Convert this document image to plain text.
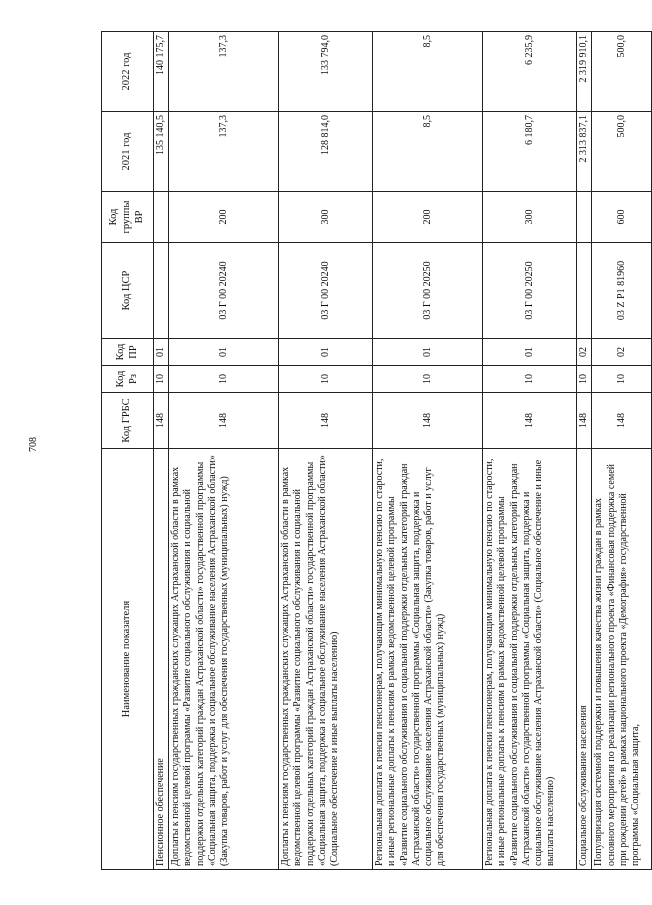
708
Наименование показателя	Код ГРБС	Код Рз	Код ПР	Код ЦСР	Код группы ВР	2021 год	2022 год
Пенсионное обеспечение	148	10	01			135 140,5	140 175,7
Доплаты к пенсиям государственных гражданских служащих Астраханской области в рамках ведомственной целевой программы «Развитие социального обслуживания и социальной поддержки отдельных категорий граждан Астраханской области» государственной программы «Социальная защита, поддержка и социальное обслуживание населения Астраханской области» (Закупка товаров, работ и услуг для обеспечения государственных (муниципальных) нужд)	148	10	01	03 Г 00 20240	200	137,3	137,3
Доплаты к пенсиям государственных гражданских служащих Астраханской области в рамках ведомственной целевой программы «Развитие социального обслуживания и социальной поддержки отдельных категорий граждан Астраханской области» государственной программы «Социальная защита, поддержка и социальное обслуживание населения Астраханской области» (Социальное обеспечение и иные выплаты населению)	148	10	01	03 Г 00 20240	300	128 814,0	133 794,0
Региональная доплата к пенсии пенсионерам, получающим минимальную пенсию по старости, и иные региональные доплаты к пенсиям в рамках ведомственной целевой программы «Развитие социального обслуживания и социальной поддержки отдельных категорий граждан Астраханской области» государственной программы «Социальная защита, поддержка и социальное обслуживание населения Астраханской области» (Закупка товаров, работ и услуг для обеспечения государственных (муниципальных) нужд)	148	10	01	03 Г 00 20250	200	8,5	8,5
Региональная доплата к пенсии пенсионерам, получающим минимальную пенсию по старости, и иные региональные доплаты к пенсиям в рамках ведомственной целевой программы «Развитие социального обслуживания и социальной поддержки отдельных категорий граждан Астраханской области» государственной программы «Социальная защита, поддержка и социальное обслуживание населения Астраханской области» (Социальное обеспечение и иные выплаты населению)	148	10	01	03 Г 00 20250	300	6 180,7	6 235,9
Социальное обслуживание населения	148	10	02			2 313 837,1	2 319 910,1
Популяризация системной поддержки и повышения качества жизни граждан в рамках основного мероприятия по реализации регионального проекта «Финансовая поддержка семей при рождении детей» в рамках национального проекта «Демография» государственной программы «Социальная защита,	148	10	02	03 Z P1 81960	600	500,0	500,0
